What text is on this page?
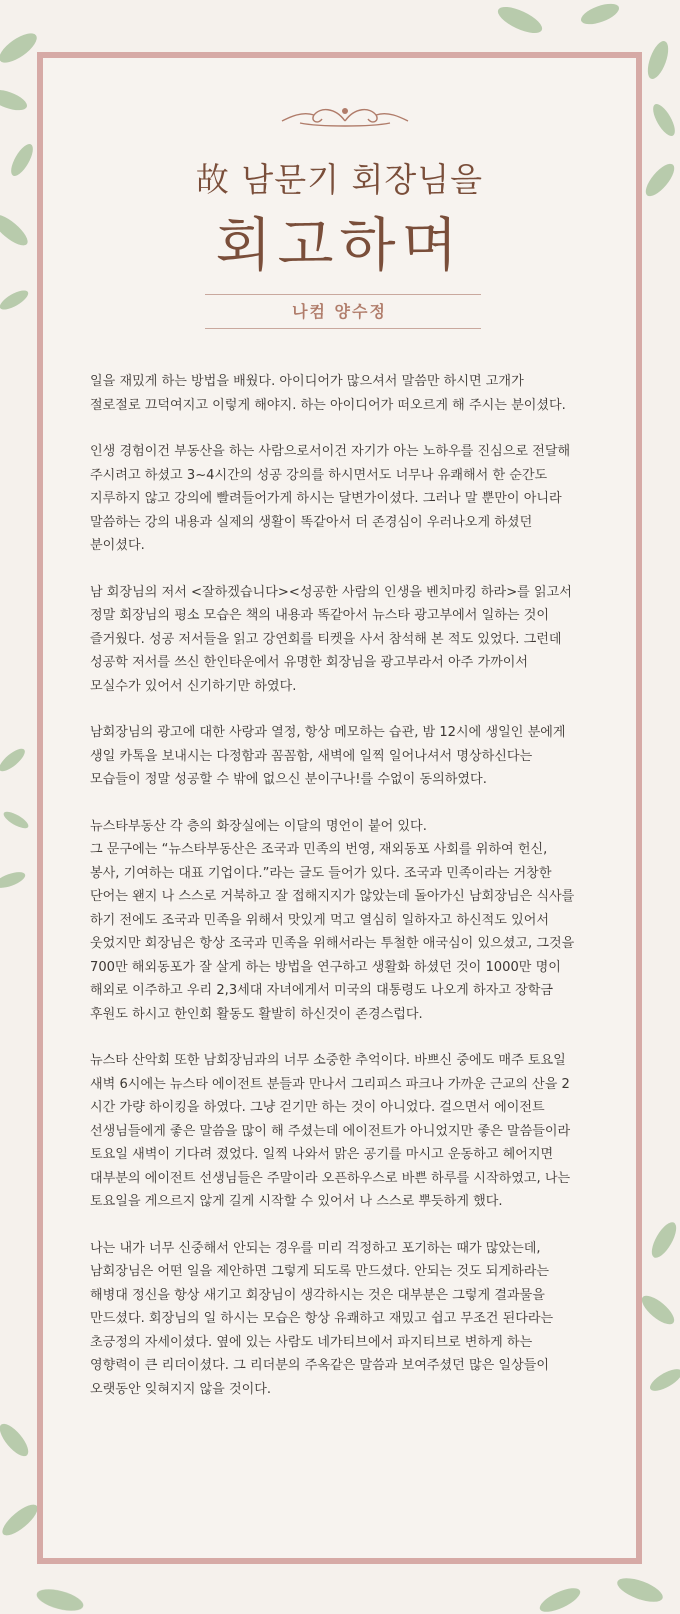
故 남문기 회장님을
회고하며
나컴 양수정

일을 재밌게 하는 방법을 배웠다. 아이디어가 많으셔서 말씀만 하시면 고개가
절로절로 끄덕여지고 이렇게 해야지. 하는 아이디어가 떠오르게 해 주시는 분이셨다.

인생 경험이건 부동산을 하는 사람으로서이건 자기가 아는 노하우를 진심으로 전달해
주시려고 하셨고 3~4시간의 성공 강의를 하시면서도 너무나 유쾌해서 한 순간도
지루하지 않고 강의에 빨려들어가게 하시는 달변가이셨다. 그러나 말 뿐만이 아니라
말씀하는 강의 내용과 실제의 생활이 똑같아서 더 존경심이 우러나오게 하셨던
분이셨다.

남 회장님의 저서 <잘하겠습니다><성공한 사람의 인생을 벤치마킹 하라>를 읽고서
정말 회장님의 평소 모습은 책의 내용과 똑같아서 뉴스타 광고부에서 일하는 것이
즐거웠다. 성공 저서들을 읽고 강연회를 티켓을 사서 참석해 본 적도 있었다. 그런데
성공학 저서를 쓰신 한인타운에서 유명한 회장님을 광고부라서 아주 가까이서
모실수가 있어서 신기하기만 하였다.

남회장님의 광고에 대한 사랑과 열정, 항상 메모하는 습관, 밤 12시에 생일인 분에게
생일 카톡을 보내시는 다정함과 꼼꼼함, 새벽에 일찍 일어나셔서 명상하신다는
모습들이 정말 성공할 수 밖에 없으신 분이구나!를 수없이 동의하였다.

뉴스타부동산 각 층의 화장실에는 이달의 명언이 붙어 있다.
그 문구에는 “뉴스타부동산은 조국과 민족의 번영, 재외동포 사회를 위하여 헌신,
봉사, 기여하는 대표 기업이다.”라는 글도 들어가 있다. 조국과 민족이라는 거창한
단어는 왠지 나 스스로 거북하고 잘 접해지지가 않았는데 돌아가신 남회장님은 식사를
하기 전에도 조국과 민족을 위해서 맛있게 먹고 열심히 일하자고 하신적도 있어서
웃었지만 회장님은 항상 조국과 민족을 위해서라는 투철한 애국심이 있으셨고, 그것을
700만 해외동포가 잘 살게 하는 방법을 연구하고 생활화 하셨던 것이 1000만 명이
해외로 이주하고 우리 2,3세대 자녀에게서 미국의 대통령도 나오게 하자고 장학금
후원도 하시고 한인회 활동도 활발히 하신것이 존경스럽다.

뉴스타 산악회 또한 남회장님과의 너무 소중한 추억이다. 바쁘신 중에도 매주 토요일
새벽 6시에는 뉴스타 에이전트 분들과 만나서 그리피스 파크나 가까운 근교의 산을 2
시간 가량 하이킹을 하였다. 그냥 걷기만 하는 것이 아니었다. 걸으면서 에이전트
선생님들에게 좋은 말씀을 많이 해 주셨는데 에이전트가 아니었지만 좋은 말씀들이라
토요일 새벽이 기다려 졌었다. 일찍 나와서 맑은 공기를 마시고 운동하고 헤어지면
대부분의 에이전트 선생님들은 주말이라 오픈하우스로 바쁜 하루를 시작하였고, 나는
토요일을 게으르지 않게 길게 시작할 수 있어서 나 스스로 뿌듯하게 했다.

나는 내가 너무 신중해서 안되는 경우를 미리 걱정하고 포기하는 때가 많았는데,
남회장님은 어떤 일을 제안하면 그렇게 되도록 만드셨다. 안되는 것도 되게하라는
해병대 정신을 항상 새기고 회장님이 생각하시는 것은 대부분은 그렇게 결과물을
만드셨다. 회장님의 일 하시는 모습은 항상 유쾌하고 재밌고 쉽고 무조건 된다라는
초긍정의 자세이셨다. 옆에 있는 사람도 네가티브에서 파지티브로 변하게 하는
영향력이 큰 리더이셨다. 그 리더분의 주옥같은 말씀과 보여주셨던 많은 일상들이
오랫동안 잊혀지지 않을 것이다.
